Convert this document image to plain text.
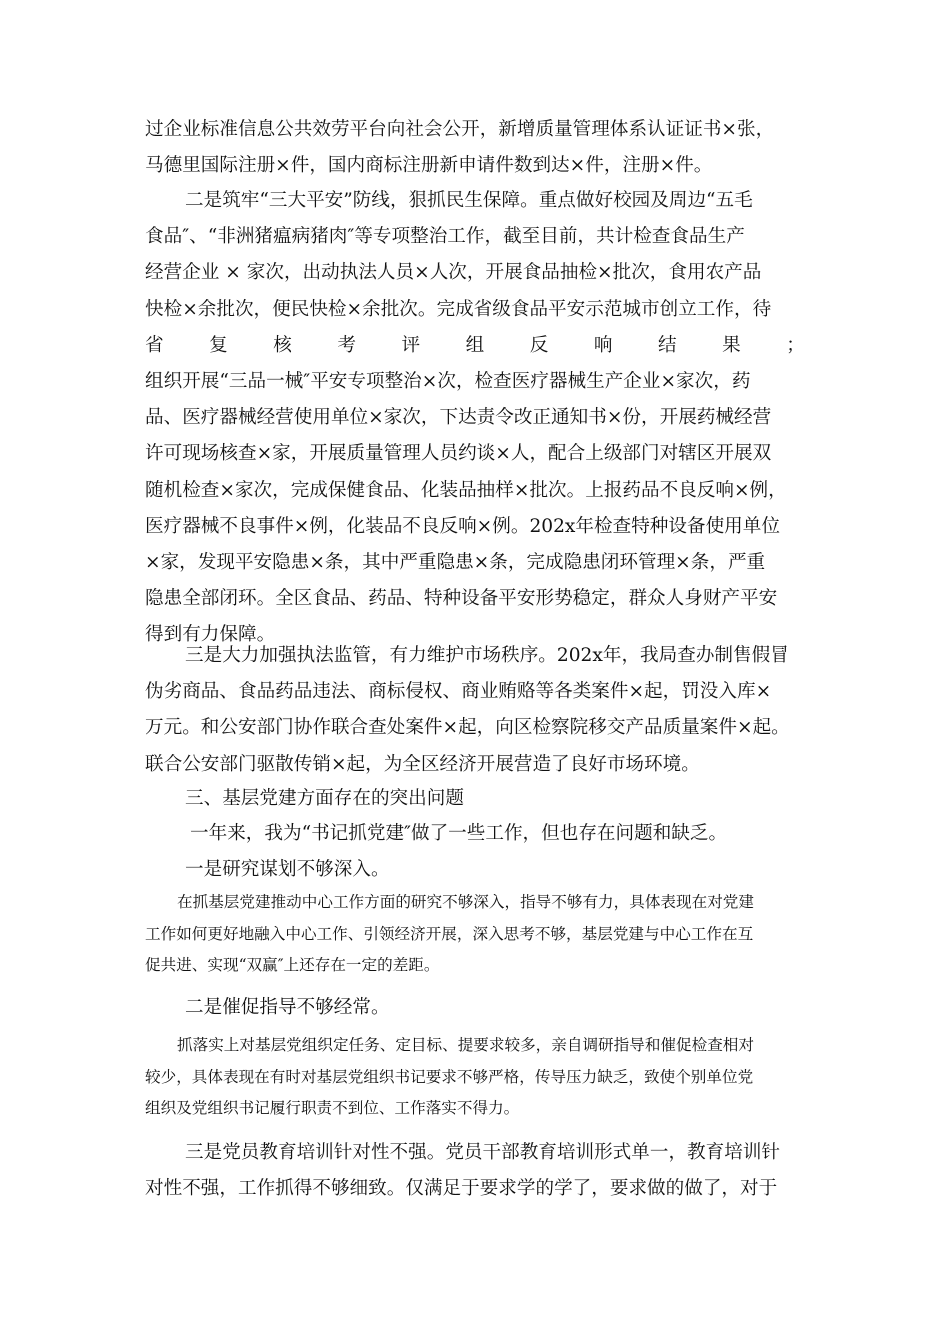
过企业标准信息公共效劳平台向社会公开，新增质量管理体系认证证书×张，
马德里国际注册×件，国内商标注册新申请件数到达×件，注册×件。
二是筑牢“三大平安”防线，狠抓民生保障。重点做好校园及周边“五毛
食品″、“非洲猪瘟病猪肉″等专项整治工作，截至目前，共计检查食品生产
经营企业 × 家次，出动执法人员×人次，开展食品抽检×批次，食用农产品
快检×余批次，便民快检×余批次。完成省级食品平安示范城市创立工作，待
省 复 核 考 评 组 反 响 结 果 ；
组织开展“三品一械″平安专项整治×次，检查医疗器械生产企业×家次，药
品、医疗器械经营使用单位×家次，下达责令改正通知书×份，开展药械经营
许可现场核查×家，开展质量管理人员约谈×人，配合上级部门对辖区开展双
随机检查×家次，完成保健食品、化装品抽样×批次。上报药品不良反响×例，
医疗器械不良事件×例，化装品不良反响×例。202x年检查特种设备使用单位
×家，发现平安隐患×条，其中严重隐患×条，完成隐患闭环管理×条，严重
隐患全部闭环。全区食品、药品、特种设备平安形势稳定，群众人身财产平安
得到有力保障。
三是大力加强执法监管，有力维护市场秩序。202x年，我局查办制售假冒
伪劣商品、食品药品违法、商标侵权、商业贿赂等各类案件×起，罚没入库×
万元。和公安部门协作联合查处案件×起，向区检察院移交产品质量案件×起。
联合公安部门驱散传销×起，为全区经济开展营造了良好市场环境。
三、基层党建方面存在的突出问题
一年来，我为“书记抓党建″做了一些工作，但也存在问题和缺乏。
一是研究谋划不够深入。
在抓基层党建推动中心工作方面的研究不够深入，指导不够有力，具体表现在对党建
工作如何更好地融入中心工作、引领经济开展，深入思考不够，基层党建与中心工作在互
促共进、实现“双赢″上还存在一定的差距。
二是催促指导不够经常。
抓落实上对基层党组织定任务、定目标、提要求较多，亲自调研指导和催促检查相对
较少，具体表现在有时对基层党组织书记要求不够严格，传导压力缺乏，致使个别单位党
组织及党组织书记履行职责不到位、工作落实不得力。
三是党员教育培训针对性不强。党员干部教育培训形式单一，教育培训针
对性不强，工作抓得不够细致。仅满足于要求学的学了，要求做的做了，对于
